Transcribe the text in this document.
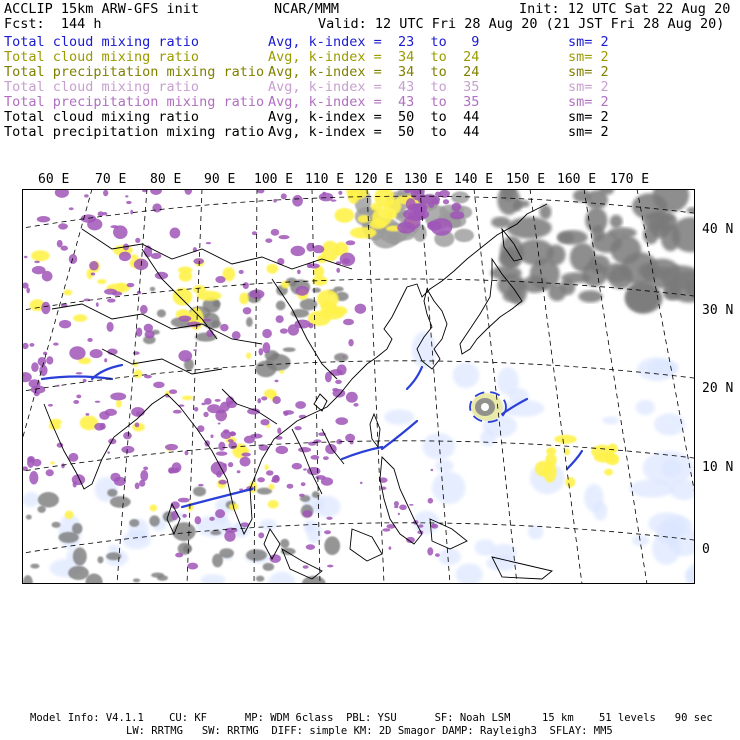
ACCLIP 15km ARW-GFS init	NCAR/MMM	Init: 12 UTC Sat 22 Aug 20
Fcst:  144 h	Valid: 12 UTC Fri 28 Aug 20 (21 JST Fri 28 Aug 20)
Total cloud mixing ratio	Avg, k-index =  23  to   9	sm= 2
Total cloud mixing ratio	Avg, k-index =  34  to  24	sm= 2
Total precipitation mixing ratio Avg, k-index =  34  to  24	sm= 2
Total cloud mixing ratio	Avg, k-index =  43  to  35	sm= 2
Total precipitation mixing ratio Avg, k-index =  43  to  35	sm= 2
Total cloud mixing ratio	Avg, k-index =  50  to  44	sm= 2
Total precipitation mixing ratio Avg, k-index =  50  to  44	sm= 2
60 E 70 E 80 E 90 E 100 E 110 E 120 E 130 E 140 E 150 E 160 E 170 E
40 N
30 N
20 N
10 N
0
Model Info: V4.1.1    CU: KF      MP: WDM 6class  PBL: YSU      SF: Noah LSM     15 km    51 levels   90 sec
LW: RRTMG   SW: RRTMG  DIFF: simple KM: 2D Smagor DAMP: Rayleigh3  SFLAY: MM5
